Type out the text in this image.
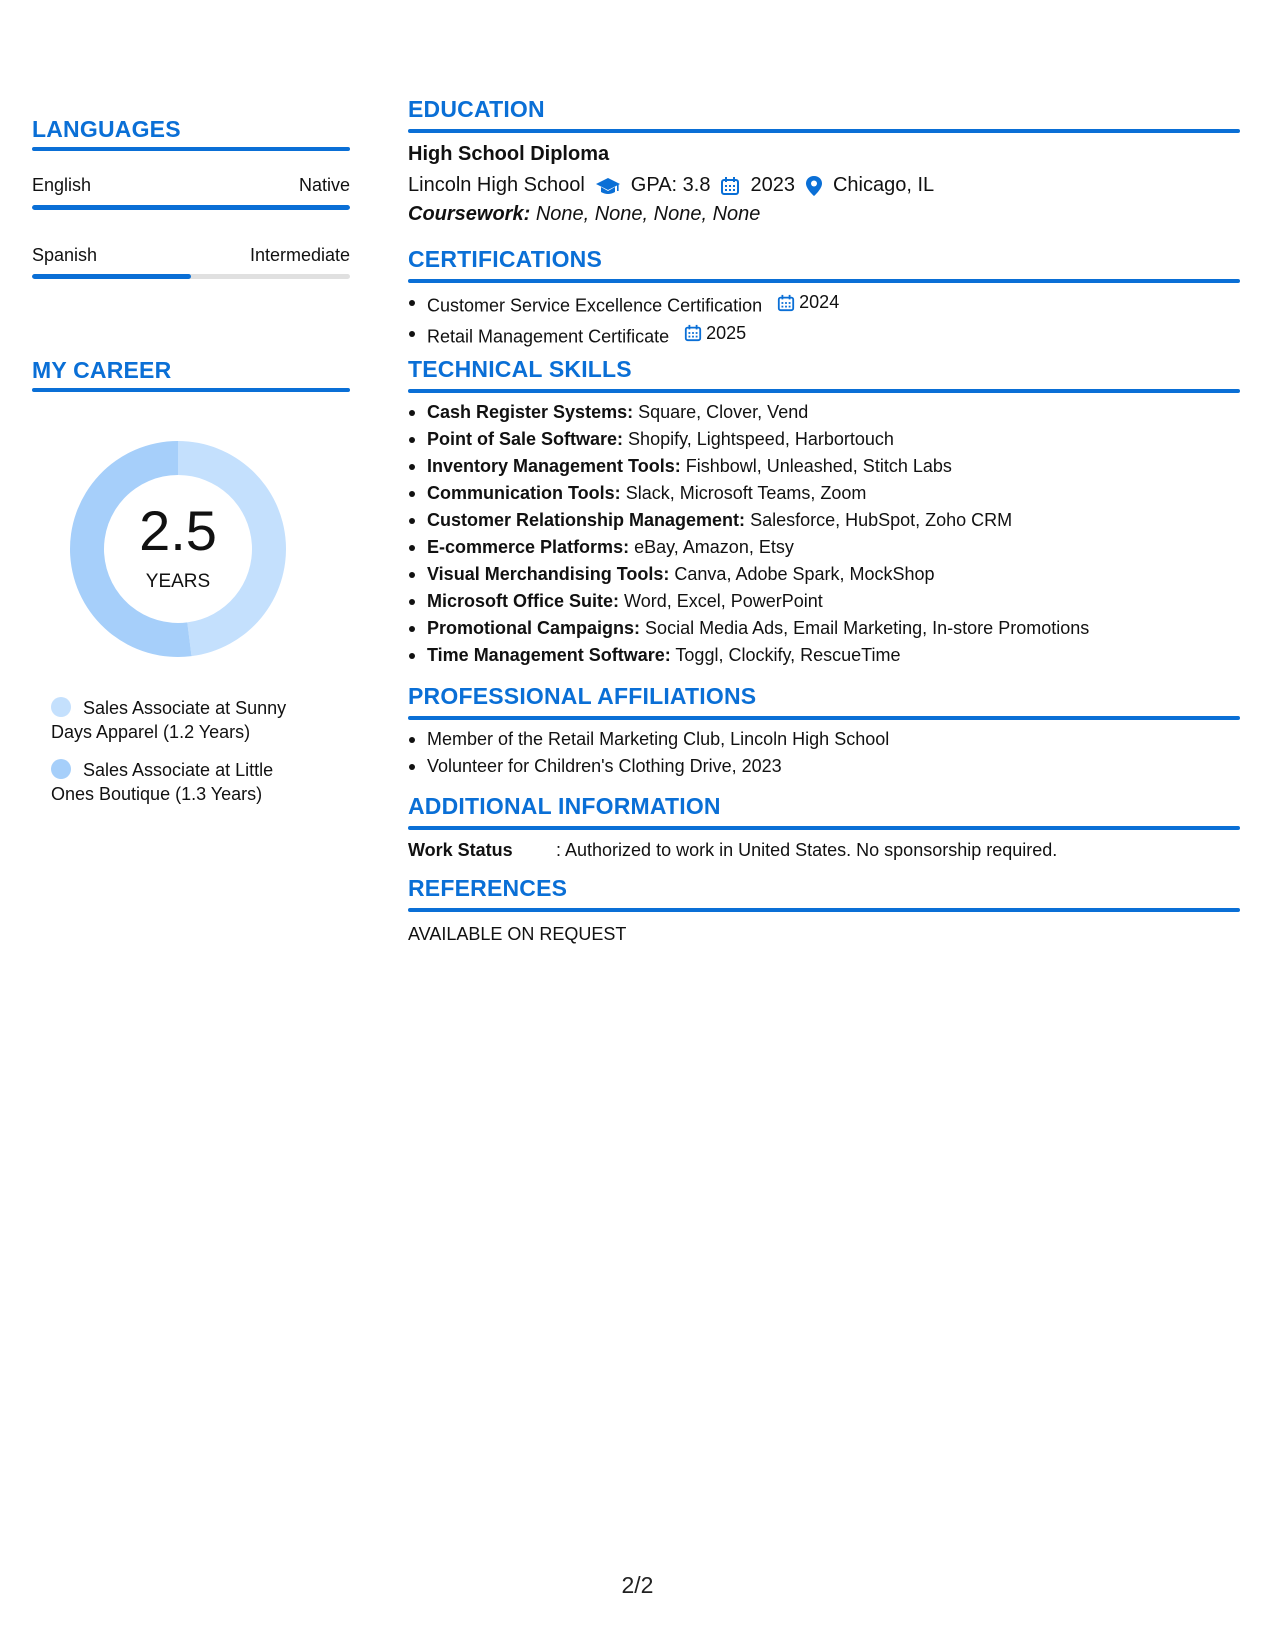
LANGUAGES
English	Native
Spanish	Intermediate
MY CAREER
2.5
YEARS
Sales Associate at Sunny Days Apparel (1.2 Years)
Sales Associate at Little Ones Boutique (1.3 Years)
EDUCATION
High School Diploma
Lincoln High School GPA: 3.8 2023 Chicago, IL
Coursework: None, None, None, None
CERTIFICATIONS
Customer Service Excellence Certification 2024
Retail Management Certificate 2025
TECHNICAL SKILLS
Cash Register Systems: Square, Clover, Vend
Point of Sale Software: Shopify, Lightspeed, Harbortouch
Inventory Management Tools: Fishbowl, Unleashed, Stitch Labs
Communication Tools: Slack, Microsoft Teams, Zoom
Customer Relationship Management: Salesforce, HubSpot, Zoho CRM
E-commerce Platforms: eBay, Amazon, Etsy
Visual Merchandising Tools: Canva, Adobe Spark, MockShop
Microsoft Office Suite: Word, Excel, PowerPoint
Promotional Campaigns: Social Media Ads, Email Marketing, In-store Promotions
Time Management Software: Toggl, Clockify, RescueTime
PROFESSIONAL AFFILIATIONS
Member of the Retail Marketing Club, Lincoln High School
Volunteer for Children's Clothing Drive, 2023
ADDITIONAL INFORMATION
Work Status	: Authorized to work in United States. No sponsorship required.
REFERENCES
AVAILABLE ON REQUEST
2/2
